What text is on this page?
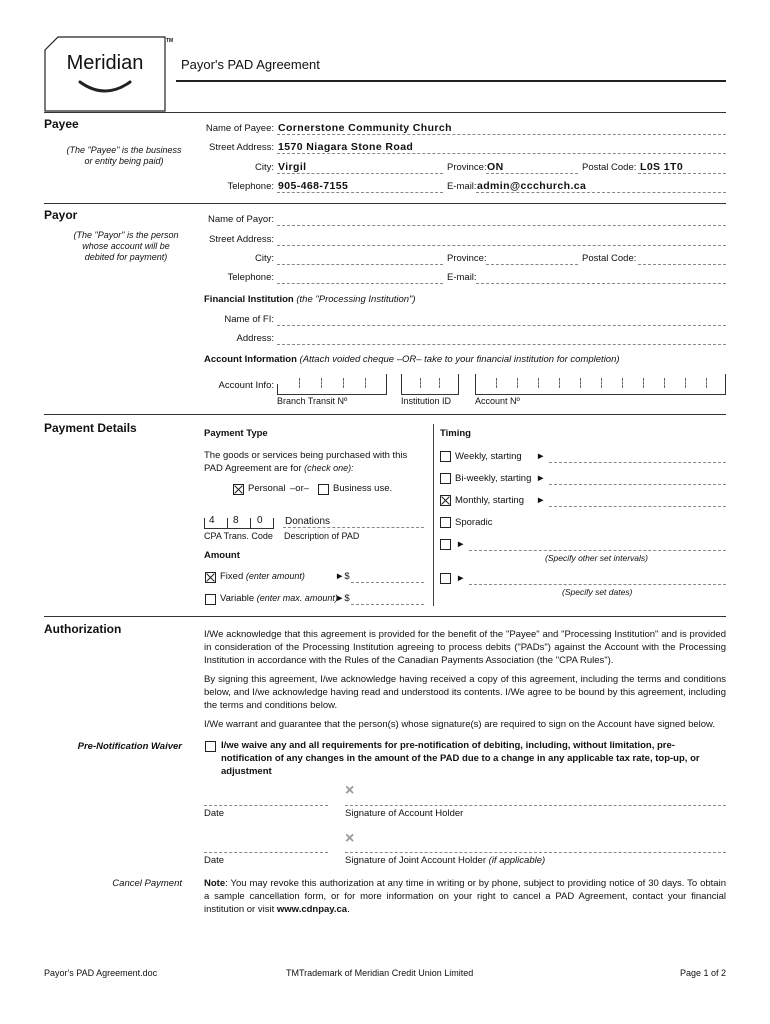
Meridian
TM
Payor's PAD Agreement
Payee
(The "Payee" is the business or entity being paid)
Name of Payee: Cornerstone Community Church
Street Address: 1570 Niagara Stone Road
City: Virgil	Province: ON	Postal Code: L0S 1T0
Telephone: 905-468-7155	E-mail: admin@ccchurch.ca
Payor
(The "Payor" is the person whose account will be debited for payment)
Name of Payor:
Street Address:
City:	Province:	Postal Code:
Telephone:	E-mail:
Financial Institution (the "Processing Institution")
Name of FI:
Address:
Account Information (Attach voided cheque –OR– take to your financial institution for completion)
Account Info:
Branch Transit Nº	Institution ID	Account Nº
Payment Details	Payment Type
The goods or services being purchased with this PAD Agreement are for (check one):
Personal –or–	Business use.
4 8 0
CPA Trans. Code
Donations
Description of PAD
Amount
Fixed (enter amount)	►$
Variable (enter max. amount)
►$
Timing
Weekly, starting ►
Bi-weekly, starting ►
Monthly, starting ►
Sporadic
►
(Specify other set intervals)
►
(Specify set dates)
Authorization	I/We acknowledge that this agreement is provided for the benefit of the "Payee" and "Processing Institution" and is provided in consideration of the Processing Institution agreeing to process debits ("PADs") against the Account with the Processing Institution in accordance with the Rules of the Canadian Payments Association (the "CPA Rules").
By signing this agreement, I/we acknowledge having received a copy of this agreement, including the terms and conditions below, and I/we acknowledge having read and understood its contents. I/We agree to be bound by this agreement, including the terms and conditions below.
I/We warrant and guarantee that the person(s) whose signature(s) are required to sign on the Account have signed below.
Pre-Notification Waiver	I/we waive any and all requirements for pre-notification of debiting, including, without limitation, pre-notification of any changes in the amount of the PAD due to a change in any applicable tax rate, top-up, or adjustment
×
Date	Signature of Account Holder
×
Date	Signature of Joint Account Holder (if applicable)
Cancel Payment Note: You may revoke this authorization at any time in writing or by phone, subject to providing notice of 30 days. To obtain a sample cancellation form, or for more information on your right to cancel a PAD Agreement, contact your financial institution or visit www.cdnpay.ca.
Payor's PAD Agreement.doc	TMTrademark of Meridian Credit Union Limited	Page 1 of 2
